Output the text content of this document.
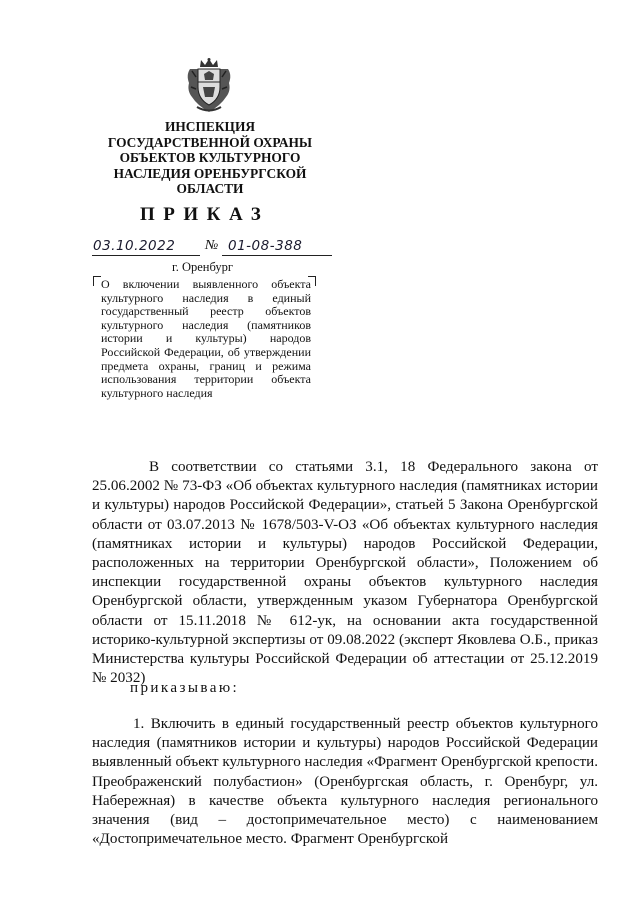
ИНСПЕКЦИЯ
ГОСУДАРСТВЕННОЙ ОХРАНЫ
ОБЪЕКТОВ КУЛЬТУРНОГО
НАСЛЕДИЯ ОРЕНБУРГСКОЙ
ОБЛАСТИ
ПРИКАЗ
03.10.2022 № 01-08-388
г. Оренбург
О включении выявленного объекта культурного наследия в единый государственный реестр объектов культурного наследия (памятников истории и культуры) народов Российской Федерации, об утверждении предмета охраны, границ и режима использования территории объекта культурного наследия
В соответствии со статьями 3.1, 18 Федерального закона от 25.06.2002 № 73-ФЗ «Об объектах культурного наследия (памятниках истории и культуры) народов Российской Федерации», статьей 5 Закона Оренбургской области от 03.07.2013 № 1678/503-V-ОЗ «Об объектах культурного наследия (памятниках истории и культуры) народов Российской Федерации, расположенных на территории Оренбургской области», Положением об инспекции государственной охраны объектов культурного наследия Оренбургской области, утвержденным указом Губернатора Оренбургской области от 15.11.2018 № 612-ук, на основании акта государственной историко-культурной экспертизы от 09.08.2022 (эксперт Яковлева О.Б., приказ Министерства культуры Российской Федерации об аттестации от 25.12.2019 № 2032)
приказываю:
1. Включить в единый государственный реестр объектов культурного наследия (памятников истории и культуры) народов Российской Федерации выявленный объект культурного наследия «Фрагмент Оренбургской крепости. Преображенский полубастион» (Оренбургская область, г. Оренбург, ул. Набережная) в качестве объекта культурного наследия регионального значения (вид – достопримечательное место) с наименованием «Достопримечательное место. Фрагмент Оренбургской
